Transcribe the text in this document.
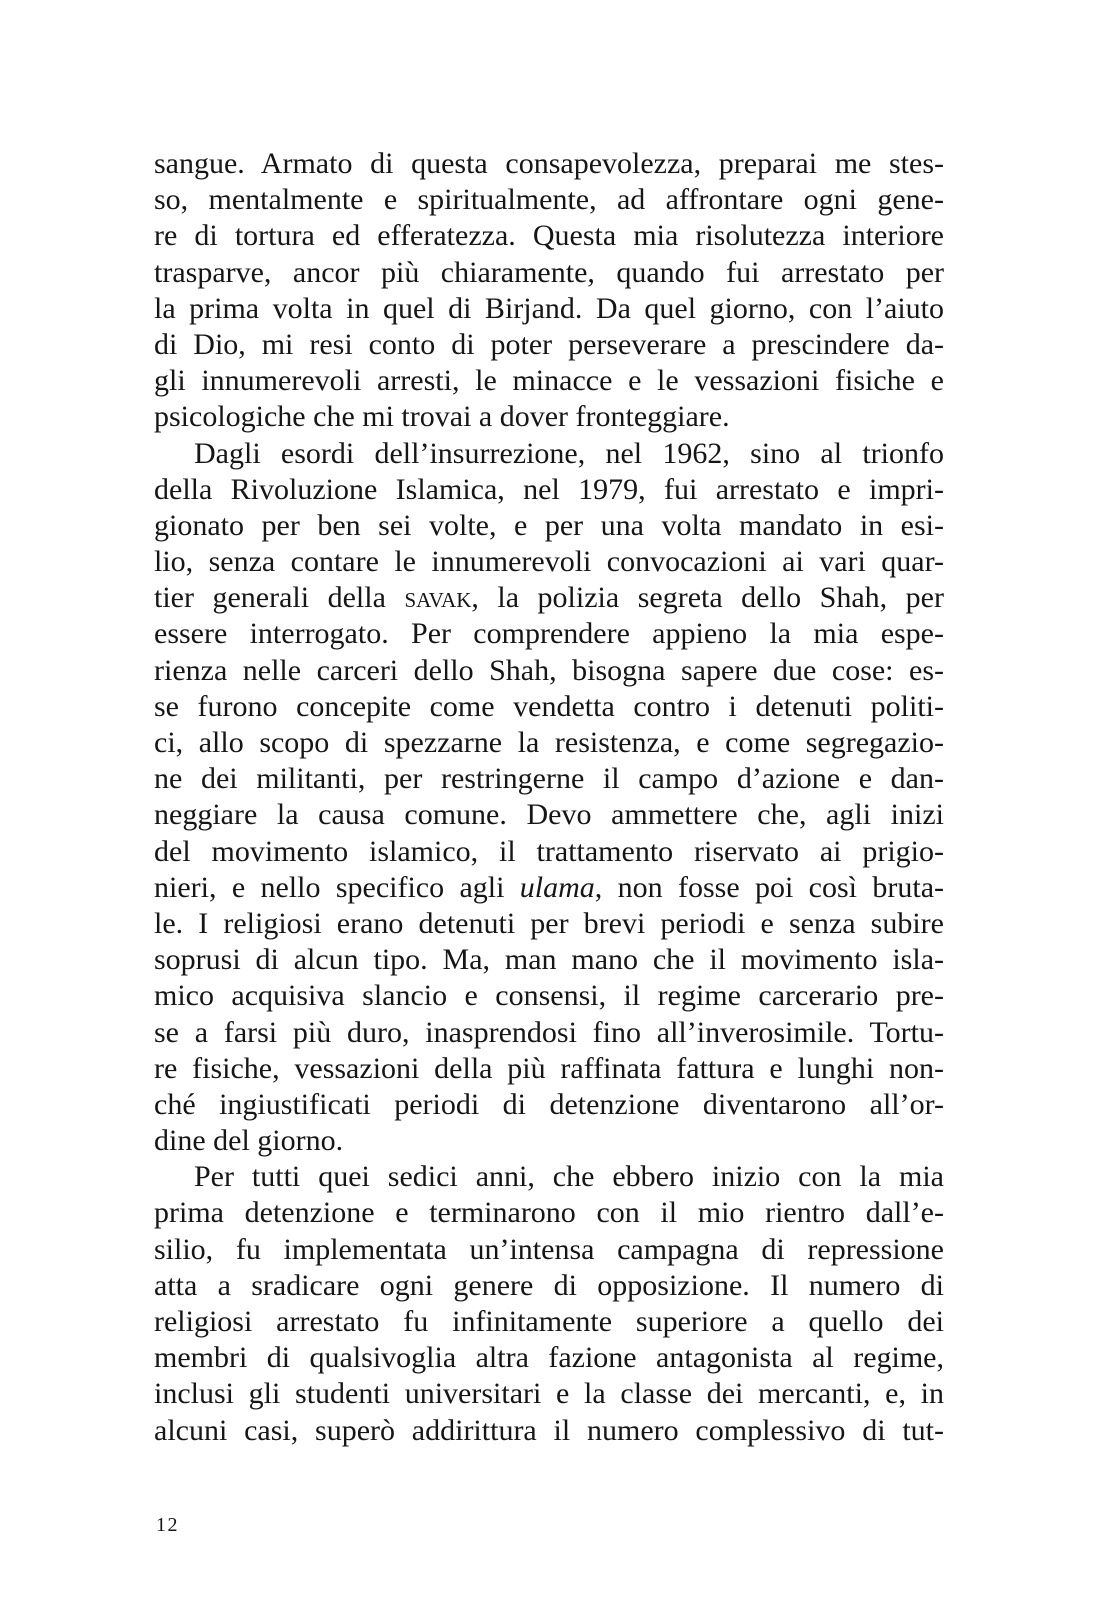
sangue. Armato di questa consapevolezza, preparai me stes-
so, mentalmente e spiritualmente, ad affrontare ogni gene-
re di tortura ed efferatezza. Questa mia risolutezza interiore
trasparve, ancor più chiaramente, quando fui arrestato per
la prima volta in quel di Birjand. Da quel giorno, con l’aiuto
di Dio, mi resi conto di poter perseverare a prescindere da-
gli innumerevoli arresti, le minacce e le vessazioni fisiche e
psicologiche che mi trovai a dover fronteggiare.
Dagli esordi dell’insurrezione, nel 1962, sino al trionfo
della Rivoluzione Islamica, nel 1979, fui arrestato e impri-
gionato per ben sei volte, e per una volta mandato in esi-
lio, senza contare le innumerevoli convocazioni ai vari quar-
tier generali della savak, la polizia segreta dello Shah, per
essere interrogato. Per comprendere appieno la mia espe-
rienza nelle carceri dello Shah, bisogna sapere due cose: es-
se furono concepite come vendetta contro i detenuti politi-
ci, allo scopo di spezzarne la resistenza, e come segregazio-
ne dei militanti, per restringerne il campo d’azione e dan-
neggiare la causa comune. Devo ammettere che, agli inizi
del movimento islamico, il trattamento riservato ai prigio-
nieri, e nello specifico agli ulama, non fosse poi così bruta-
le. I religiosi erano detenuti per brevi periodi e senza subire
soprusi di alcun tipo. Ma, man mano che il movimento isla-
mico acquisiva slancio e consensi, il regime carcerario pre-
se a farsi più duro, inasprendosi fino all’inverosimile. Tortu-
re fisiche, vessazioni della più raffinata fattura e lunghi non-
ché ingiustificati periodi di detenzione diventarono all’or-
dine del giorno.
Per tutti quei sedici anni, che ebbero inizio con la mia
prima detenzione e terminarono con il mio rientro dall’e-
silio, fu implementata un’intensa campagna di repressione
atta a sradicare ogni genere di opposizione. Il numero di
religiosi arrestato fu infinitamente superiore a quello dei
membri di qualsivoglia altra fazione antagonista al regime,
inclusi gli studenti universitari e la classe dei mercanti, e, in
alcuni casi, superò addirittura il numero complessivo di tut-
12
